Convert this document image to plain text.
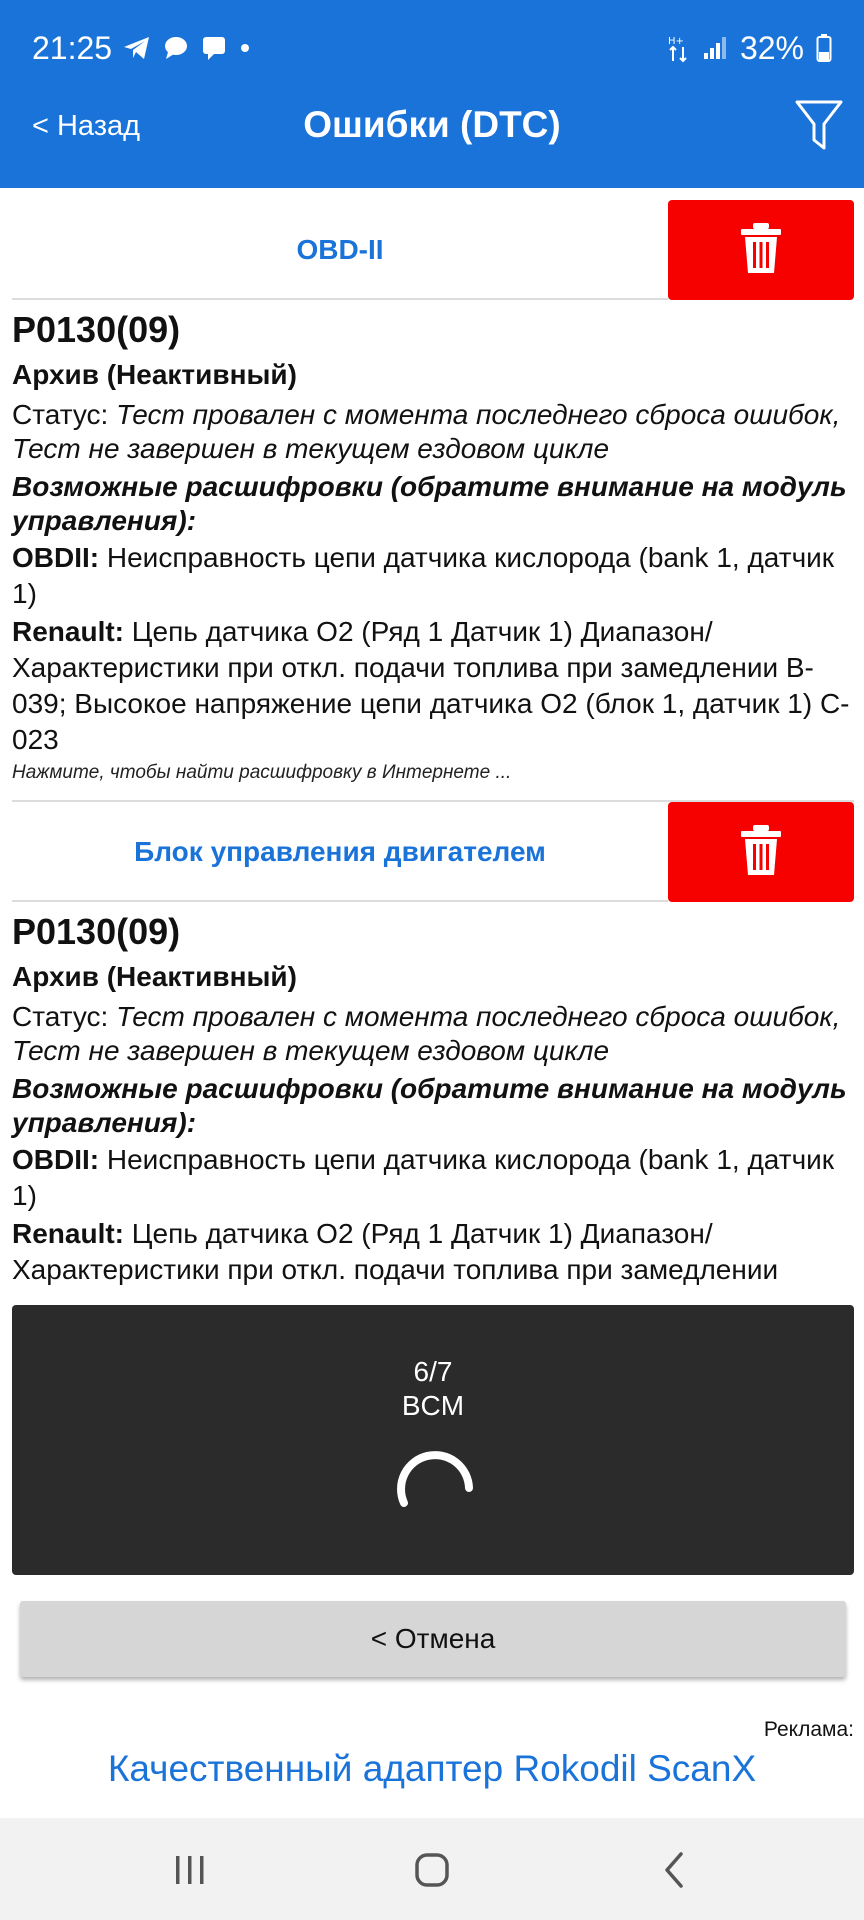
21:25	H+ 32%
< Назад	Ошибки (DTC)
OBD-II
P0130(09)
Архив (Неактивный)
Статус: Тест провален с момента последнего сброса ошибок, Тест не завершен в текущем ездовом цикле
Возможные расшифровки (обратите внимание на модуль управления):
OBDII: Неисправность цепи датчика кислорода (bank 1, датчик 1)
Renault: Цепь датчика O2 (Ряд 1 Датчик 1) Диапазон/Характеристики при откл. подачи топлива при замедлении B-039; Высокое напряжение цепи датчика O2 (блок 1, датчик 1) C-023
Нажмите, чтобы найти расшифровку в Интернете ...
Блок управления двигателем
P0130(09)
Архив (Неактивный)
Статус: Тест провален с момента последнего сброса ошибок, Тест не завершен в текущем ездовом цикле
Возможные расшифровки (обратите внимание на модуль управления):
OBDII: Неисправность цепи датчика кислорода (bank 1, датчик 1)
Renault: Цепь датчика O2 (Ряд 1 Датчик 1) Диапазон/Характеристики при откл. подачи топлива при замедлении
6/7
BCM
< Отмена
Реклама:
Качественный адаптер Rokodil ScanX
